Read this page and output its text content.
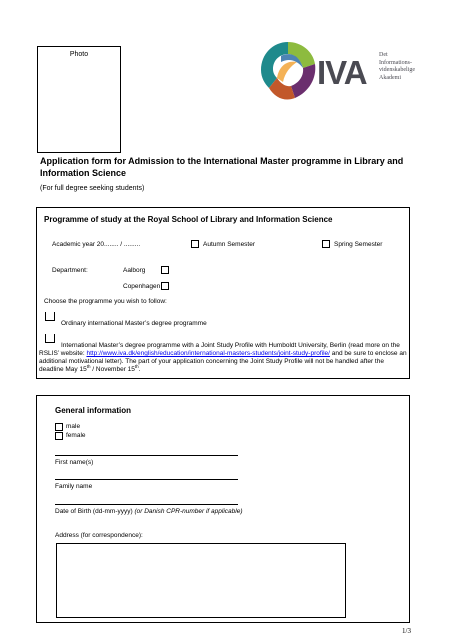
Photo	IVA Det
Informations-
videnskabelige
Akademi
Application form for Admission to the International Master programme in Library and Information Science
(For full degree seeking students)
Programme of study at the Royal School of Library and Information Science
Academic year 20........ / .........	Autumn Semester	Spring Semester
Department:	Aalborg
Copenhagen
Choose the programme you wish to follow:
Ordinary international Master’s degree programme
International Master’s degree programme with a Joint Study Profile with Humboldt University, Berlin (read more on the RSLIS’ website: http://www.iva.dk/english/education/international-masters-students/joint-study-profile/ and be sure to enclose an additional motivational letter). The part of your application concerning the Joint Study Profile will not be handled after the deadline May 15th / November 15th.
General information
male
female
First name(s)
Family name
Date of Birth (dd-mm-yyyy) (or Danish CPR-number if applicable)
Address (for correspondence):
1/3
